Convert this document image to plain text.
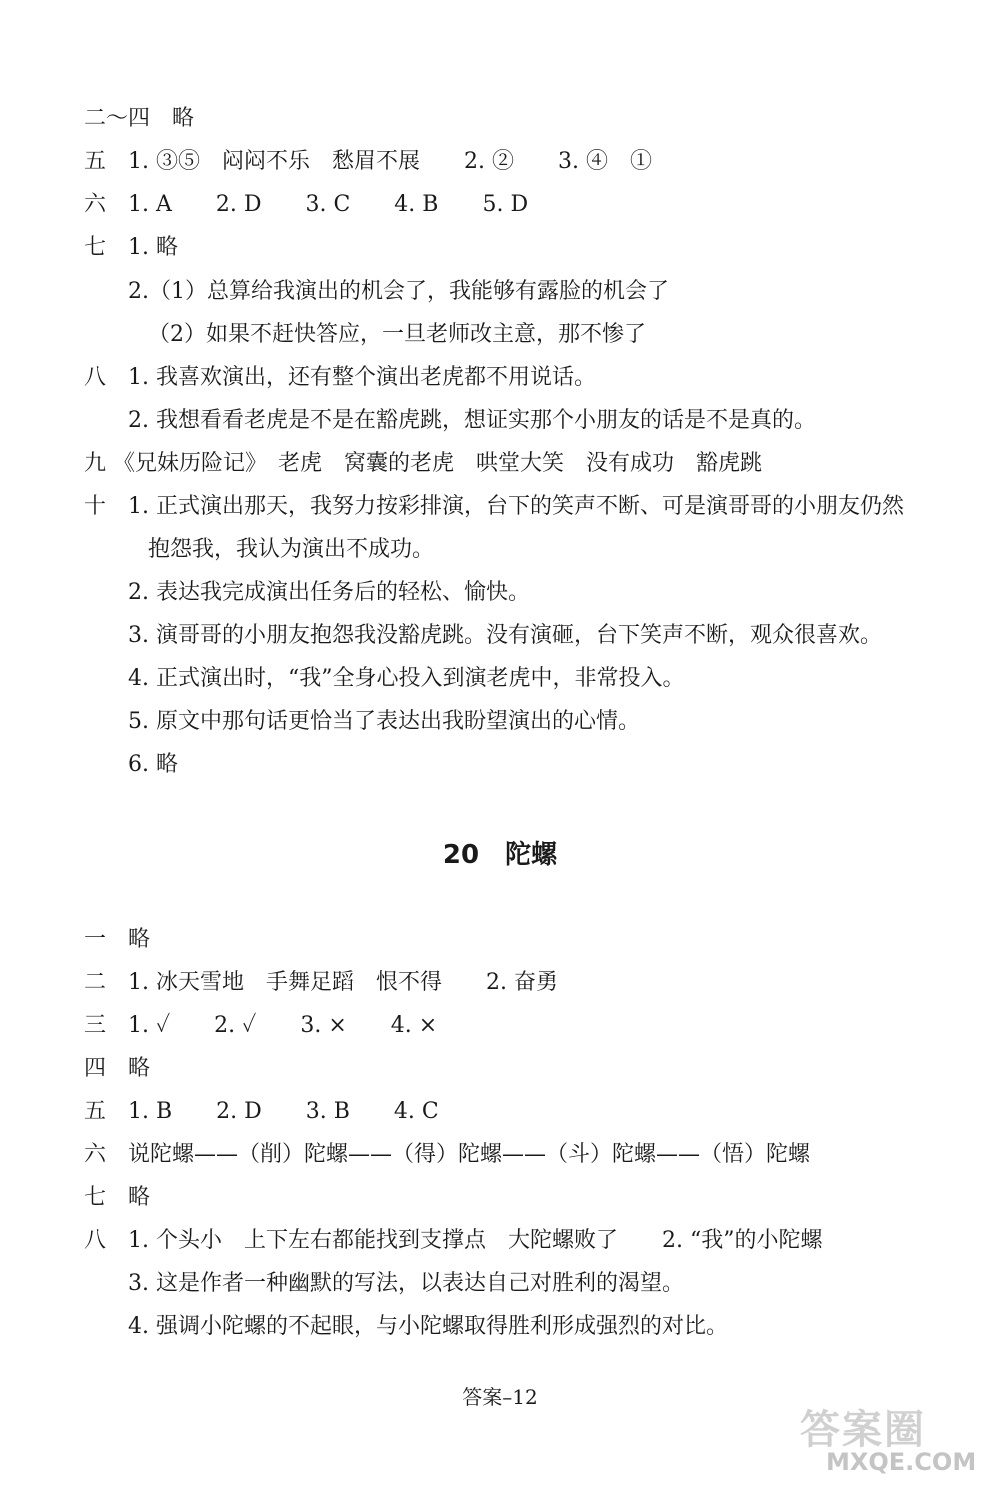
二～四　略
五　1. ③⑤　闷闷不乐　愁眉不展　　2. ②　　3. ④　①
六　1. A　　2. D　　3. C　　4. B　　5. D
七　1. 略
2.（1）总算给我演出的机会了，我能够有露脸的机会了
（2）如果不赶快答应，一旦老师改主意，那不惨了
八　1. 我喜欢演出，还有整个演出老虎都不用说话。
2. 我想看看老虎是不是在豁虎跳，想证实那个小朋友的话是不是真的。
九 《兄妹历险记》　老虎　窝囊的老虎　哄堂大笑　没有成功　豁虎跳
十　1. 正式演出那天，我努力按彩排演，台下的笑声不断、可是演哥哥的小朋友仍然
抱怨我，我认为演出不成功。
2. 表达我完成演出任务后的轻松、愉快。
3. 演哥哥的小朋友抱怨我没豁虎跳。没有演砸，台下笑声不断，观众很喜欢。
4. 正式演出时，“我”全身心投入到演老虎中，非常投入。
5. 原文中那句话更恰当了表达出我盼望演出的心情。
6. 略
20　陀螺
一　略
二　1. 冰天雪地　手舞足蹈　恨不得　　2. 奋勇
三　1. ✓　　2. ✓　　3. ×　　4. ×
四　略
五　1. B　　2. D　　3. B　　4. C
六　说陀螺——（削）陀螺——（得）陀螺——（斗）陀螺——（悟）陀螺
七　略
八　1. 个头小　上下左右都能找到支撑点　大陀螺败了　　2. “我”的小陀螺
3. 这是作者一种幽默的写法，以表达自己对胜利的渴望。
4. 强调小陀螺的不起眼，与小陀螺取得胜利形成强烈的对比。
答案–12
答案圈
MXQE.COM
